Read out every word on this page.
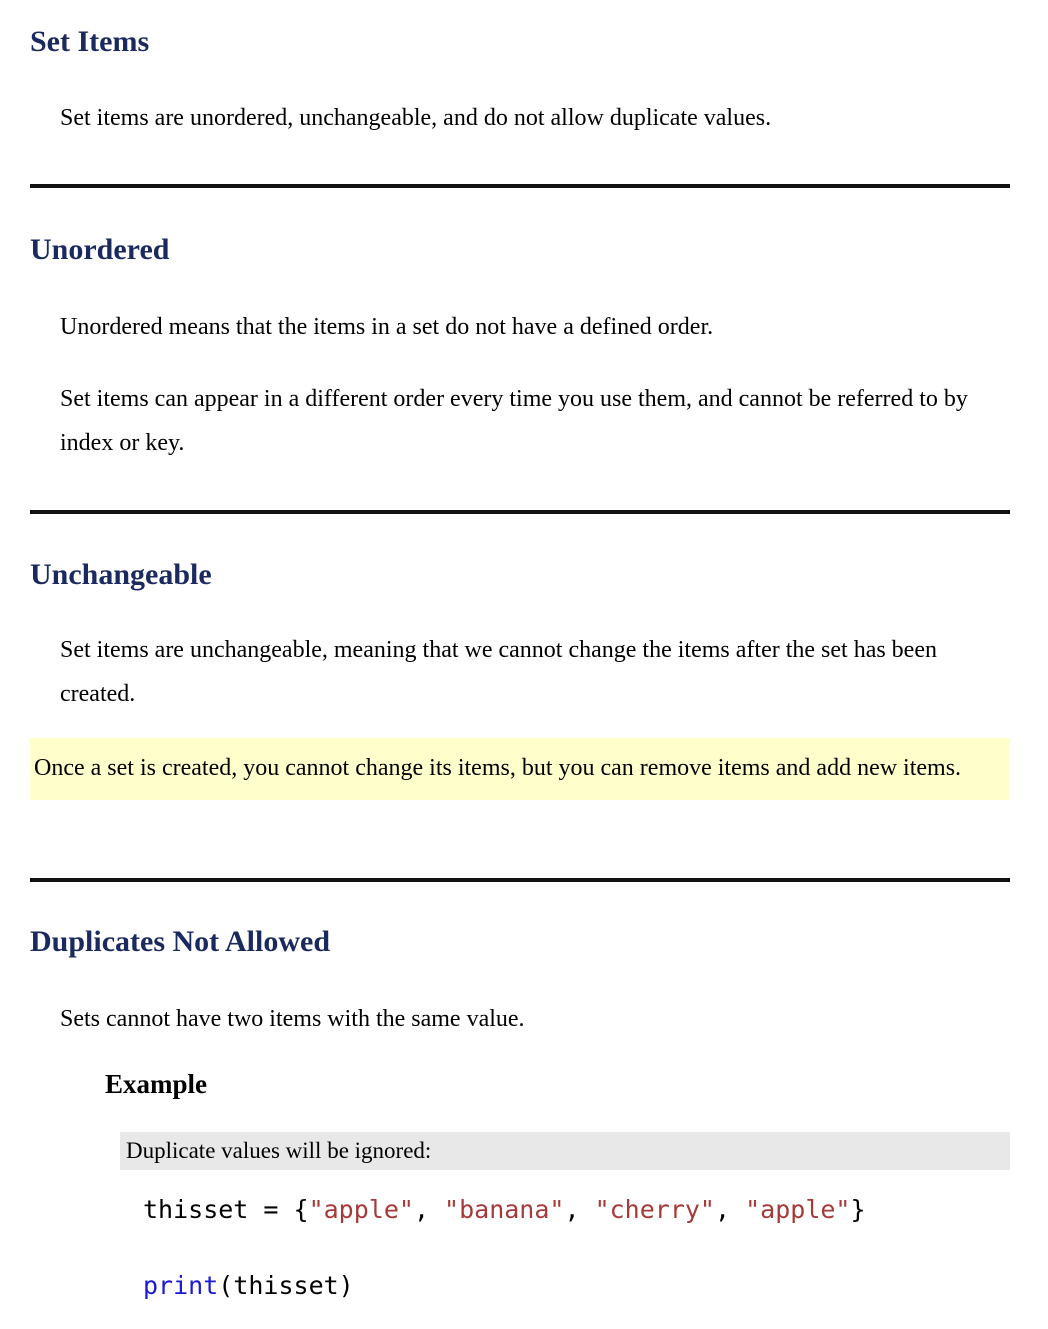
Set Items

Set items are unordered, unchangeable, and do not allow duplicate values.

Unordered

Unordered means that the items in a set do not have a defined order.

Set items can appear in a different order every time you use them, and cannot be referred to by index or key.

Unchangeable

Set items are unchangeable, meaning that we cannot change the items after the set has been created.

Once a set is created, you cannot change its items, but you can remove items and add new items.

Duplicates Not Allowed

Sets cannot have two items with the same value.

Example
Duplicate values will be ignored:
thisset = {"apple", "banana", "cherry", "apple"}
print(thisset)
